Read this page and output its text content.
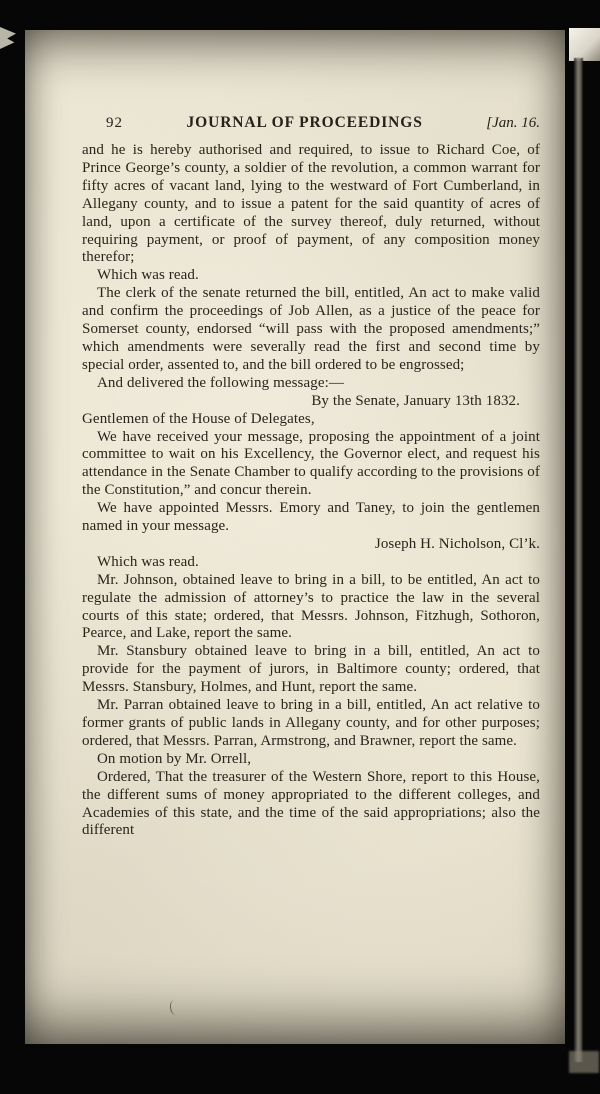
92	JOURNAL OF PROCEEDINGS	[Jan. 16.

and he is hereby authorised and required, to issue to Richard Coe, of Prince George’s county, a soldier of the revolution, a common warrant for fifty acres of vacant land, lying to the westward of Fort Cumberland, in Allegany county, and to issue a patent for the said quantity of acres of land, upon a certificate of the survey thereof, duly returned, without requiring payment, or proof of payment, of any composition money therefor;

Which was read.

The clerk of the senate returned the bill, entitled, An act to make valid and confirm the proceedings of Job Allen, as a justice of the peace for Somerset county, endorsed “will pass with the proposed amendments;” which amendments were severally read the first and second time by special order, assented to, and the bill ordered to be engrossed;

And delivered the following message:—

By the Senate, January 13th 1832.

Gentlemen of the House of Delegates,

We have received your message, proposing the appointment of a joint committee to wait on his Excellency, the Governor elect, and request his attendance in the Senate Chamber to qualify according to the provisions of the Constitution,” and concur therein.

We have appointed Messrs. Emory and Taney, to join the gentlemen named in your message.

Joseph H. Nicholson, Cl’k.

Which was read.

Mr. Johnson, obtained leave to bring in a bill, to be entitled, An act to regulate the admission of attorney’s to practice the law in the several courts of this state; ordered, that Messrs. Johnson, Fitzhugh, Sothoron, Pearce, and Lake, report the same.

Mr. Stansbury obtained leave to bring in a bill, entitled, An act to provide for the payment of jurors, in Baltimore county; ordered, that Messrs. Stansbury, Holmes, and Hunt, report the same.

Mr. Parran obtained leave to bring in a bill, entitled, An act relative to former grants of public lands in Allegany county, and for other purposes; ordered, that Messrs. Parran, Armstrong, and Brawner, report the same.

On motion by Mr. Orrell,

Ordered, That the treasurer of the Western Shore, report to this House, the different sums of money appropriated to the different colleges, and Academies of this state, and the time of the said appropriations; also the different
